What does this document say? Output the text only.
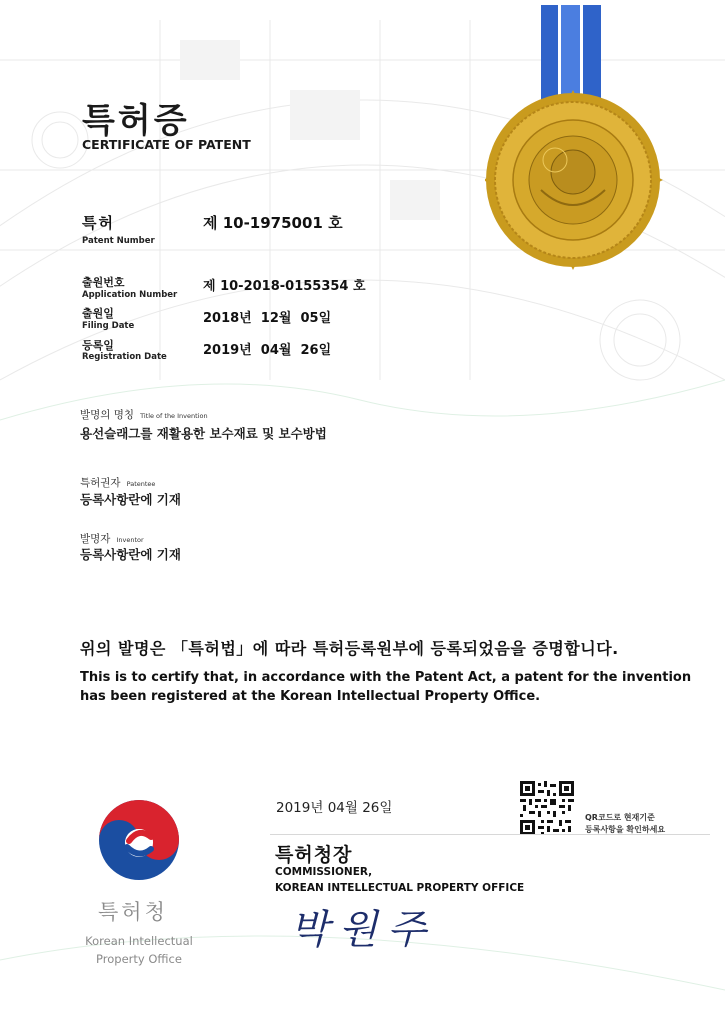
특허증
CERTIFICATE OF PATENT
특허
Patent Number
제 10-1975001 호
출원번호
Application Number
제 10-2018-0155354 호
출원일
Filing Date	2018년  12월  05일
등록일
Registration Date	2019년  04월  26일
발명의 명칭 Title of the Invention
용선슬래그를 재활용한 보수재료 및 보수방법
특허권자 Patentee
등록사항란에 기재
발명자 Inventor
등록사항란에 기재
위의 발명은 「특허법」에 따라 특허등록원부에 등록되었음을 증명합니다.
This is to certify that, in accordance with the Patent Act, a patent for the invention
has been registered at the Korean Intellectual Property Office.
2019년 04월 26일
QR코드로 현재기준
등록사항을 확인하세요
특허청장
COMMISSIONER,
KOREAN INTELLECTUAL PROPERTY OFFICE
박원주
특허청
Korean Intellectual
Property Office
